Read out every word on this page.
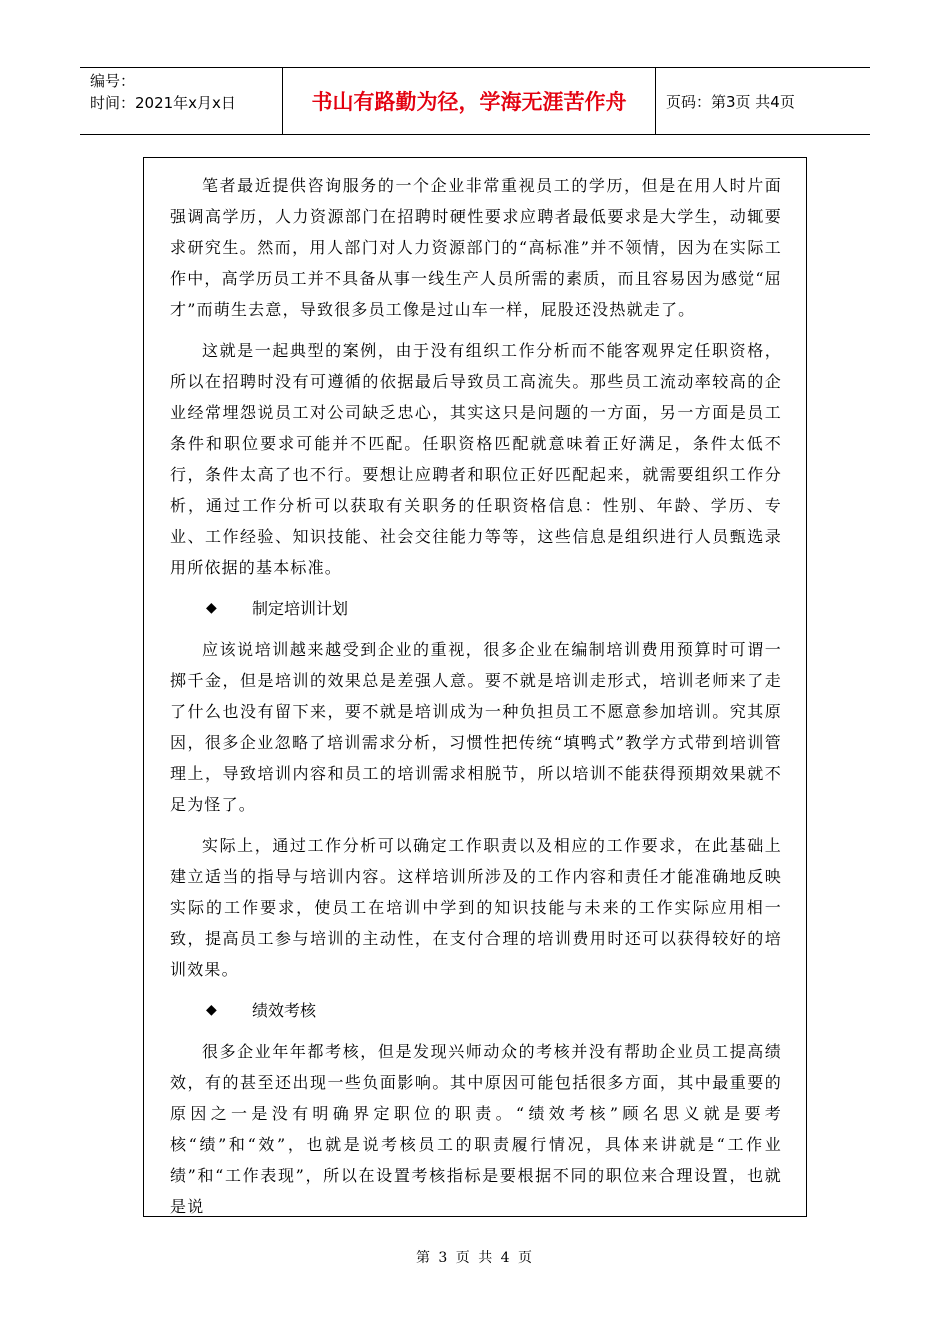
编号：
时间：2021年x月x日	书山有路勤为径，学海无涯苦作舟	页码：第3页 共4页

笔者最近提供咨询服务的一个企业非常重视员工的学历，但是在用人时片面强调高学历，人力资源部门在招聘时硬性要求应聘者最低要求是大学生，动辄要求研究生。然而，用人部门对人力资源部门的“高标准”并不领情，因为在实际工作中，高学历员工并不具备从事一线生产人员所需的素质，而且容易因为感觉“屈才”而萌生去意，导致很多员工像是过山车一样，屁股还没热就走了。

这就是一起典型的案例，由于没有组织工作分析而不能客观界定任职资格，所以在招聘时没有可遵循的依据最后导致员工高流失。那些员工流动率较高的企业经常埋怨说员工对公司缺乏忠心，其实这只是问题的一方面，另一方面是员工条件和职位要求可能并不匹配。任职资格匹配就意味着正好满足，条件太低不行，条件太高了也不行。要想让应聘者和职位正好匹配起来，就需要组织工作分析，通过工作分析可以获取有关职务的任职资格信息：性别、年龄、学历、专业、工作经验、知识技能、社会交往能力等等，这些信息是组织进行人员甄选录用所依据的基本标准。

◆	制定培训计划

应该说培训越来越受到企业的重视，很多企业在编制培训费用预算时可谓一掷千金，但是培训的效果总是差强人意。要不就是培训走形式，培训老师来了走了什么也没有留下来，要不就是培训成为一种负担员工不愿意参加培训。究其原因，很多企业忽略了培训需求分析，习惯性把传统“填鸭式”教学方式带到培训管理上，导致培训内容和员工的培训需求相脱节，所以培训不能获得预期效果就不足为怪了。

实际上，通过工作分析可以确定工作职责以及相应的工作要求，在此基础上建立适当的指导与培训内容。这样培训所涉及的工作内容和责任才能准确地反映实际的工作要求，使员工在培训中学到的知识技能与未来的工作实际应用相一致，提高员工参与培训的主动性，在支付合理的培训费用时还可以获得较好的培训效果。

◆	绩效考核

很多企业年年都考核，但是发现兴师动众的考核并没有帮助企业员工提高绩效，有的甚至还出现一些负面影响。其中原因可能包括很多方面，其中最重要的原因之一是没有明确界定职位的职责。“绩效考核”顾名思义就是要考核“绩”和“效”，也就是说考核员工的职责履行情况，具体来讲就是“工作业绩”和“工作表现”，所以在设置考核指标是要根据不同的职位来合理设置，也就是说

第 3 页 共 4 页
